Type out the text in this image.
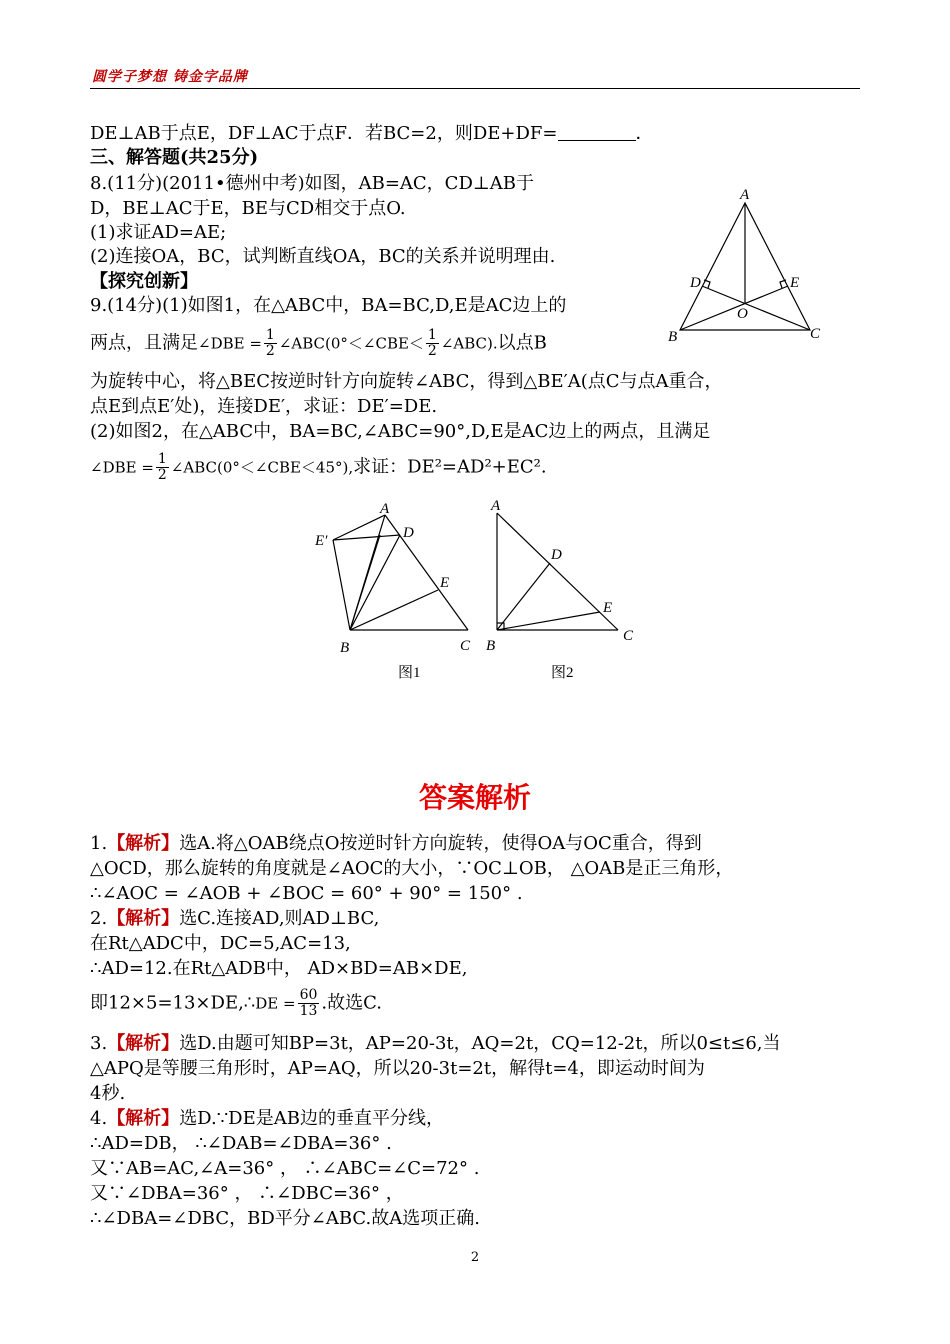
圆学子梦想 铸金字品牌
DE⊥AB于点E，DF⊥AC于点F．若BC=2，则DE+DF=	．
三、解答题(共25分)
8.(11分)(2011•德州中考)如图，AB=AC，CD⊥AB于
D，BE⊥AC于E，BE与CD相交于点O.
(1)求证AD=AE;
(2)连接OA，BC，试判断直线OA，BC的关系并说明理由.
【探究创新】
9.(14分)(1)如图1，在△ABC中，BA=BC,D,E是AC边上的
两点，且满足∠DBE = $\frac{1}{2}$ ∠ABC(0°＜∠CBE＜ $\frac{1}{2}$ ∠ABC).以点B
为旋转中心，将△BEC按逆时针方向旋转∠ABC，得到△BE′A(点C与点A重合，
点E到点E′处)，连接DE′，求证：DE′=DE.
(2)如图2，在△ABC中，BA=BC,∠ABC=90°,D,E是AC边上的两点，且满足
∠DBE = $\frac{1}{2}$ ∠ABC(0°＜∠CBE＜45°),求证：DE²=AD²+EC².
A
D	E
O
B	C
E′
A
D
E
B	C
图1
A
D
E
B
C
图2
答案解析
1.【解析】选A.将△OAB绕点O按逆时针方向旋转，使得OA与OC重合，得到
△OCD，那么旋转的角度就是∠AOC的大小，∵OC⊥OB， △OAB是正三角形，
∴∠AOC = ∠AOB + ∠BOC = 60° + 90° = 150° .
2.【解析】选C.连接AD,则AD⊥BC,
在Rt△ADC中，DC=5,AC=13,
∴AD=12.在Rt△ADB中， AD×BD=AB×DE,
即12×5=13×DE,∴DE = $\frac{60}{13}$ .故选C.
3.【解析】选D.由题可知BP=3t，AP=20-3t，AQ=2t，CQ=12-2t，所以0≤t≤6,当
△APQ是等腰三角形时，AP=AQ，所以20-3t=2t，解得t=4，即运动时间为
4秒.
4.【解析】选D.∵DE是AB边的垂直平分线，
∴AD=DB， ∴∠DAB=∠DBA=36° .
又∵AB=AC,∠A=36° ， ∴∠ABC=∠C=72° .
又∵∠DBA=36° ， ∴∠DBC=36° ，
∴∠DBA=∠DBC，BD平分∠ABC.故A选项正确.
2
